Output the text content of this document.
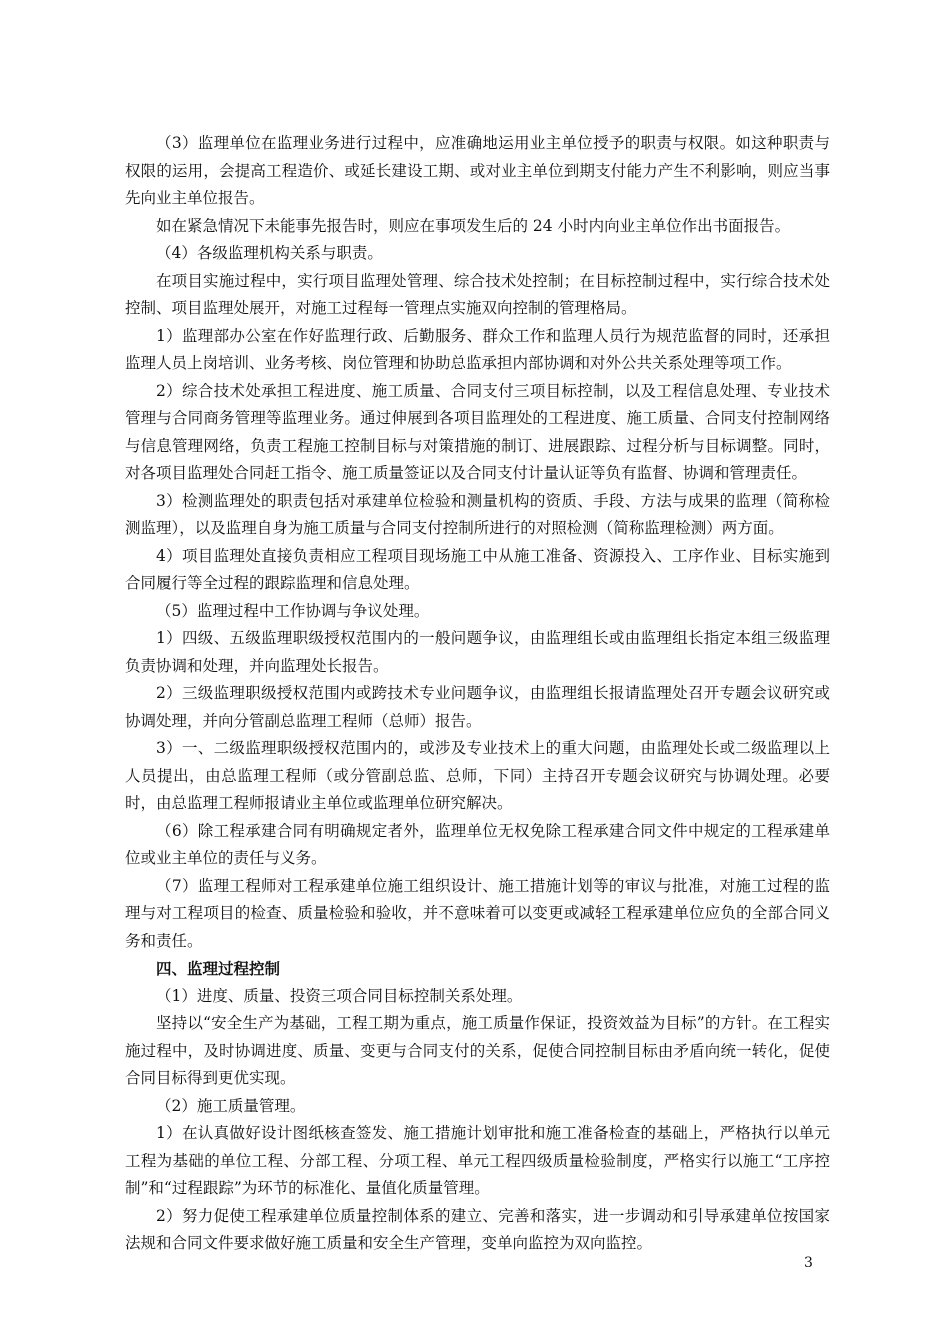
（3）监理单位在监理业务进行过程中，应准确地运用业主单位授予的职责与权限。如这种职责与权限的运用，会提高工程造价、或延长建设工期、或对业主单位到期支付能力产生不利影响，则应当事先向业主单位报告。

如在紧急情况下未能事先报告时，则应在事项发生后的 24 小时内向业主单位作出书面报告。

（4）各级监理机构关系与职责。

在项目实施过程中，实行项目监理处管理、综合技术处控制；在目标控制过程中，实行综合技术处控制、项目监理处展开，对施工过程每一管理点实施双向控制的管理格局。

1）监理部办公室在作好监理行政、后勤服务、群众工作和监理人员行为规范监督的同时，还承担监理人员上岗培训、业务考核、岗位管理和协助总监承担内部协调和对外公共关系处理等项工作。

2）综合技术处承担工程进度、施工质量、合同支付三项目标控制，以及工程信息处理、专业技术管理与合同商务管理等监理业务。通过伸展到各项目监理处的工程进度、施工质量、合同支付控制网络与信息管理网络，负责工程施工控制目标与对策措施的制订、进展跟踪、过程分析与目标调整。同时，对各项目监理处合同赶工指令、施工质量签证以及合同支付计量认证等负有监督、协调和管理责任。

3）检测监理处的职责包括对承建单位检验和测量机构的资质、手段、方法与成果的监理（简称检测监理），以及监理自身为施工质量与合同支付控制所进行的对照检测（简称监理检测）两方面。

4）项目监理处直接负责相应工程项目现场施工中从施工准备、资源投入、工序作业、目标实施到合同履行等全过程的跟踪监理和信息处理。

（5）监理过程中工作协调与争议处理。

1）四级、五级监理职级授权范围内的一般问题争议，由监理组长或由监理组长指定本组三级监理负责协调和处理，并向监理处长报告。

2）三级监理职级授权范围内或跨技术专业问题争议，由监理组长报请监理处召开专题会议研究或协调处理，并向分管副总监理工程师（总师）报告。

3）一、二级监理职级授权范围内的，或涉及专业技术上的重大问题，由监理处长或二级监理以上人员提出，由总监理工程师（或分管副总监、总师，下同）主持召开专题会议研究与协调处理。必要时，由总监理工程师报请业主单位或监理单位研究解决。

（6）除工程承建合同有明确规定者外，监理单位无权免除工程承建合同文件中规定的工程承建单位或业主单位的责任与义务。

（7）监理工程师对工程承建单位施工组织设计、施工措施计划等的审议与批准，对施工过程的监理与对工程项目的检查、质量检验和验收，并不意味着可以变更或减轻工程承建单位应负的全部合同义务和责任。

四、监理过程控制

（1）进度、质量、投资三项合同目标控制关系处理。

坚持以“安全生产为基础，工程工期为重点，施工质量作保证，投资效益为目标”的方针。在工程实施过程中，及时协调进度、质量、变更与合同支付的关系，促使合同控制目标由矛盾向统一转化，促使合同目标得到更优实现。

（2）施工质量管理。

1）在认真做好设计图纸核查签发、施工措施计划审批和施工准备检查的基础上，严格执行以单元工程为基础的单位工程、分部工程、分项工程、单元工程四级质量检验制度，严格实行以施工“工序控制”和“过程跟踪”为环节的标准化、量值化质量管理。

2）努力促使工程承建单位质量控制体系的建立、完善和落实，进一步调动和引导承建单位按国家法规和合同文件要求做好施工质量和安全生产管理，变单向监控为双向监控。

3
